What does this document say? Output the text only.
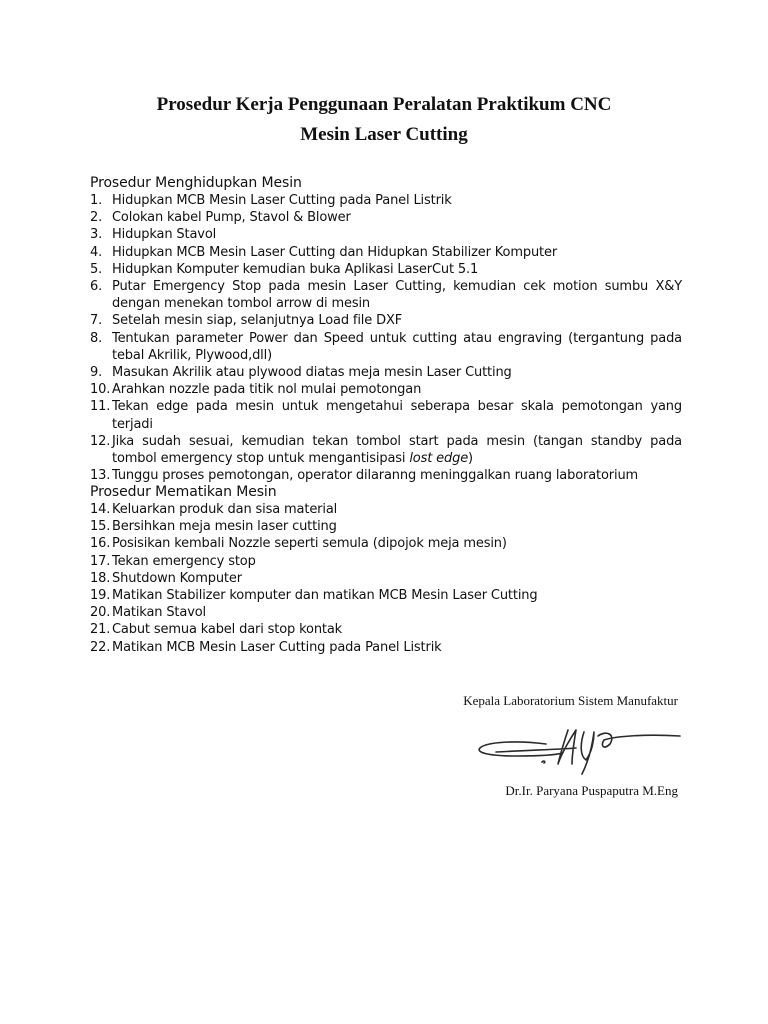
Prosedur Kerja Penggunaan Peralatan Praktikum CNC
Mesin Laser Cutting
Prosedur Menghidupkan Mesin
1. Hidupkan MCB Mesin Laser Cutting pada Panel Listrik
2. Colokan kabel Pump, Stavol & Blower
3. Hidupkan Stavol
4. Hidupkan MCB Mesin Laser Cutting dan Hidupkan Stabilizer Komputer
5. Hidupkan Komputer kemudian buka Aplikasi LaserCut 5.1
6. Putar Emergency Stop pada mesin Laser Cutting, kemudian cek motion sumbu X&Y dengan menekan tombol arrow di mesin
7. Setelah mesin siap, selanjutnya Load file DXF
8. Tentukan parameter Power dan Speed untuk cutting atau engraving (tergantung pada tebal Akrilik, Plywood,dll)
9. Masukan Akrilik atau plywood diatas meja mesin Laser Cutting
10. Arahkan nozzle pada titik nol mulai pemotongan
11. Tekan edge pada mesin untuk mengetahui seberapa besar skala pemotongan yang terjadi
12. Jika sudah sesuai, kemudian tekan tombol start pada mesin (tangan standby pada tombol emergency stop untuk mengantisipasi lost edge)
13. Tunggu proses pemotongan, operator dilaranng meninggalkan ruang laboratorium
Prosedur Mematikan Mesin
14. Keluarkan produk dan sisa material
15. Bersihkan meja mesin laser cutting
16. Posisikan kembali Nozzle seperti semula (dipojok meja mesin)
17. Tekan emergency stop
18. Shutdown Komputer
19. Matikan Stabilizer komputer dan matikan MCB Mesin Laser Cutting
20. Matikan Stavol
21. Cabut semua kabel dari stop kontak
22. Matikan MCB Mesin Laser Cutting pada Panel Listrik
Kepala Laboratorium Sistem Manufaktur
Dr.Ir. Paryana Puspaputra M.Eng
